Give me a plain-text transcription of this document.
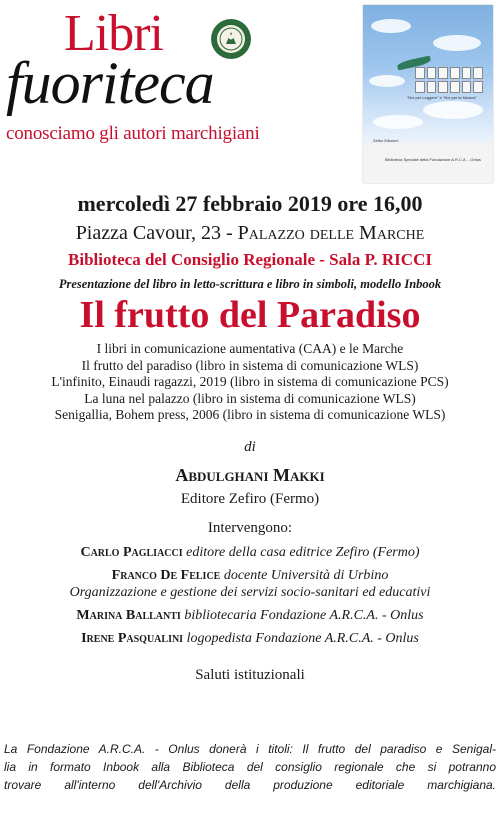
Libri
fuoriteca
conosciamo gli autori marchigiani
"Noi per Leggere" e "Noi per la Musica"
Zefiro Edizioni
Biblioteca Speciale della Fondazione A.R.C.A. - Onlus
mercoledì 27 febbraio 2019 ore 16,00
Piazza Cavour, 23 - Palazzo delle Marche
Biblioteca del Consiglio Regionale - Sala P. RICCI
Presentazione del libro in letto-scrittura e libro in simboli, modello Inbook
Il frutto del Paradiso
I libri in comunicazione aumentativa (CAA) e le Marche
Il frutto del paradiso (libro in sistema di comunicazione WLS)
L'infinito, Einaudi ragazzi, 2019 (libro in sistema di comunicazione PCS)
La luna nel palazzo (libro in sistema di comunicazione WLS)
Senigallia, Bohem press, 2006 (libro in sistema di comunicazione WLS)
di
Abdulghani Makki
Editore Zefiro (Fermo)
Intervengono:
Carlo Pagliacci editore della casa editrice Zefiro (Fermo)
Franco De Felice docente Università di Urbino
Organizzazione e gestione dei servizi socio-sanitari ed educativi
Marina Ballanti bibliotecaria Fondazione A.R.C.A. - Onlus
Irene Pasqualini logopedista Fondazione A.R.C.A. - Onlus
Saluti istituzionali
La Fondazione A.R.C.A. - Onlus donerà i titoli: Il frutto del paradiso e Senigal-
lia in formato Inbook alla Biblioteca del consiglio regionale che si potranno
trovare all'interno dell'Archivio della produzione editoriale marchigiana.
